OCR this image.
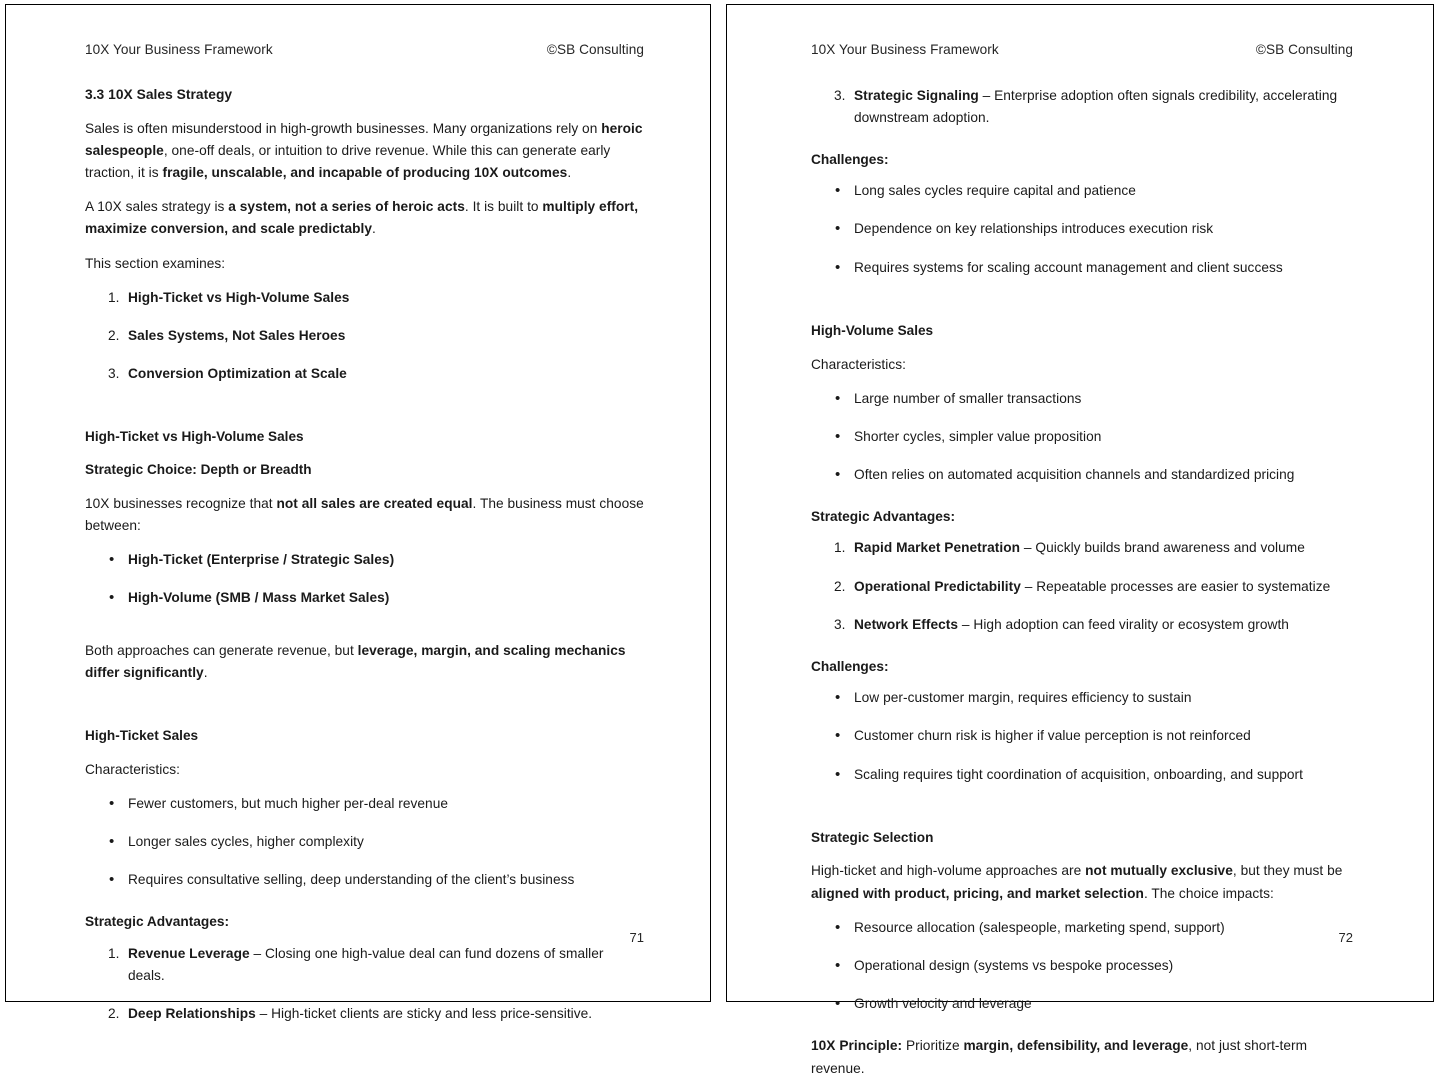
10X Your Business Framework	©SB Consulting
3.3 10X Sales Strategy

Sales is often misunderstood in high-growth businesses. Many organizations rely on heroic salespeople, one-off deals, or intuition to drive revenue. While this can generate early traction, it is fragile, unscalable, and incapable of producing 10X outcomes.

A 10X sales strategy is a system, not a series of heroic acts. It is built to multiply effort, maximize conversion, and scale predictably.

This section examines:

1. High-Ticket vs High-Volume Sales
2. Sales Systems, Not Sales Heroes
3. Conversion Optimization at Scale
High-Ticket vs High-Volume Sales
Strategic Choice: Depth or Breadth

10X businesses recognize that not all sales are created equal. The business must choose between:

•	High-Ticket (Enterprise / Strategic Sales)
•	High-Volume (SMB / Mass Market Sales)

Both approaches can generate revenue, but leverage, margin, and scaling mechanics differ significantly.

High-Ticket Sales

Characteristics:

•	Fewer customers, but much higher per-deal revenue
•	Longer sales cycles, higher complexity
•	Requires consultative selling, deep understanding of the client’s business

Strategic Advantages:

1. Revenue Leverage – Closing one high-value deal can fund dozens of smaller deals.
2. Deep Relationships – High-ticket clients are sticky and less price-sensitive.
71
10X Your Business Framework	©SB Consulting
3. Strategic Signaling – Enterprise adoption often signals credibility, accelerating downstream adoption.

Challenges:

•	Long sales cycles require capital and patience
•	Dependence on key relationships introduces execution risk
•	Requires systems for scaling account management and client success
High-Volume Sales

Characteristics:

•	Large number of smaller transactions
•	Shorter cycles, simpler value proposition
•	Often relies on automated acquisition channels and standardized pricing

Strategic Advantages:

1. Rapid Market Penetration – Quickly builds brand awareness and volume
2. Operational Predictability – Repeatable processes are easier to systematize
3. Network Effects – High adoption can feed virality or ecosystem growth

Challenges:

•	Low per-customer margin, requires efficiency to sustain
•	Customer churn risk is higher if value perception is not reinforced
•	Scaling requires tight coordination of acquisition, onboarding, and support
Strategic Selection

High-ticket and high-volume approaches are not mutually exclusive, but they must be aligned with product, pricing, and market selection. The choice impacts:

•	Resource allocation (salespeople, marketing spend, support)
•	Operational design (systems vs bespoke processes)
•	Growth velocity and leverage

10X Principle: Prioritize margin, defensibility, and leverage, not just short-term revenue.

72
